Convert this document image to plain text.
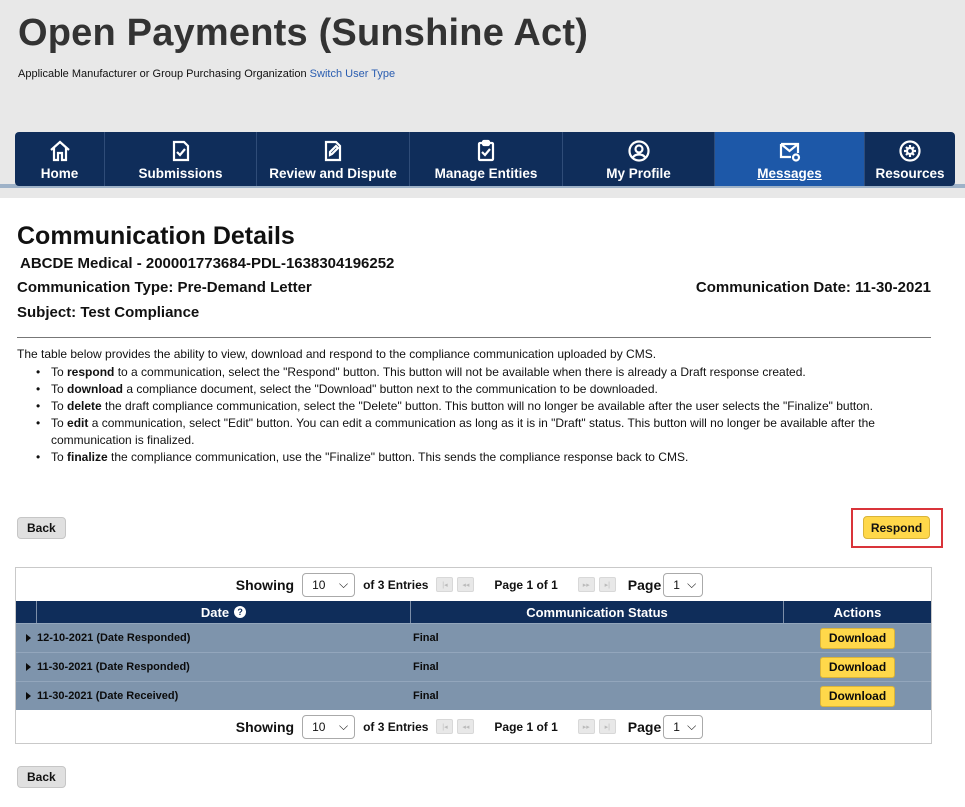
Open Payments (Sunshine Act)
Applicable Manufacturer or Group Purchasing Organization Switch User Type
Home	Submissions	Review and Dispute	Manage Entities	My Profile	Messages	Resources
Communication Details
ABCDE Medical - 200001773684-PDL-1638304196252
Communication Type: Pre-Demand Letter	Communication Date: 11-30-2021
Subject: Test Compliance
The table below provides the ability to view, download and respond to the compliance communication uploaded by CMS.
• To respond to a communication, select the "Respond" button. This button will not be available when there is already a Draft response created.
• To download a compliance document, select the "Download" button next to the communication to be downloaded.
• To delete the draft compliance communication, select the "Delete" button. This button will no longer be available after the user selects the "Finalize" button.
• To edit a communication, select "Edit" button. You can edit a communication as long as it is in "Draft" status. This button will no longer be available after the communication is finalized.
• To finalize the compliance communication, use the "Finalize" button. This sends the compliance response back to CMS.
Back	Respond
Showing 10 ⌵ of 3 Entries	|◂	◂◂	Page 1 of 1	▸▸	▸|	Page 1 ⌵
Date ?	Communication Status	Actions
12-10-2021 (Date Responded)	Final	Download
11-30-2021 (Date Responded)	Final	Download
11-30-2021 (Date Received)	Final	Download
Showing 10 ⌵ of 3 Entries	|◂	◂◂	Page 1 of 1	▸▸	▸|	Page 1 ⌵
Back
